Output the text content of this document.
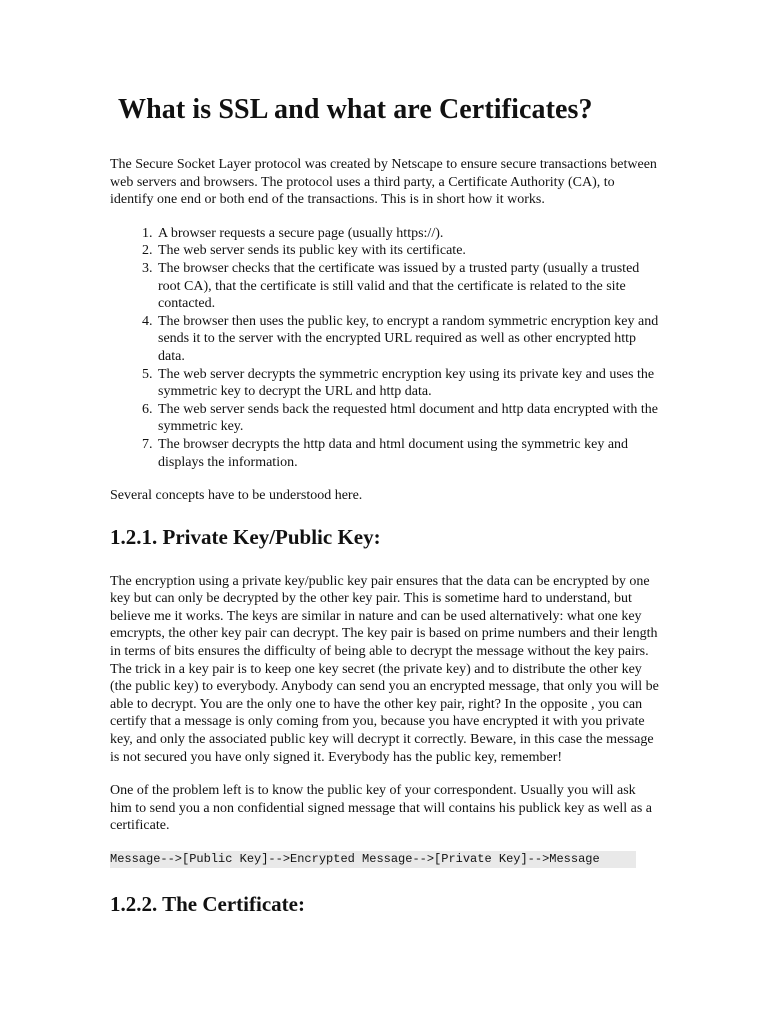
What is SSL and what are Certificates?

The Secure Socket Layer protocol was created by Netscape to ensure secure transactions between web servers and browsers. The protocol uses a third party, a Certificate Authority (CA), to identify one end or both end of the transactions. This is in short how it works.

1. A browser requests a secure page (usually https://).
2. The web server sends its public key with its certificate.
3. The browser checks that the certificate was issued by a trusted party (usually a trusted root CA), that the certificate is still valid and that the certificate is related to the site contacted.
4. The browser then uses the public key, to encrypt a random symmetric encryption key and sends it to the server with the encrypted URL required as well as other encrypted http data.
5. The web server decrypts the symmetric encryption key using its private key and uses the symmetric key to decrypt the URL and http data.
6. The web server sends back the requested html document and http data encrypted with the symmetric key.
7. The browser decrypts the http data and html document using the symmetric key and displays the information.

Several concepts have to be understood here.

1.2.1. Private Key/Public Key:

The encryption using a private key/public key pair ensures that the data can be encrypted by one key but can only be decrypted by the other key pair. This is sometime hard to understand, but believe me it works. The keys are similar in nature and can be used alternatively: what one key emcrypts, the other key pair can decrypt. The key pair is based on prime numbers and their length in terms of bits ensures the difficulty of being able to decrypt the message without the key pairs. The trick in a key pair is to keep one key secret (the private key) and to distribute the other key (the public key) to everybody. Anybody can send you an encrypted message, that only you will be able to decrypt. You are the only one to have the other key pair, right? In the opposite , you can certify that a message is only coming from you, because you have encrypted it with you private key, and only the associated public key will decrypt it correctly. Beware, in this case the message is not secured you have only signed it. Everybody has the public key, remember!

One of the problem left is to know the public key of your correspondent. Usually you will ask him to send you a non confidential signed message that will contains his publick key as well as a certificate.

Message-->[Public Key]-->Encrypted Message-->[Private Key]-->Message
1.2.2. The Certificate:
